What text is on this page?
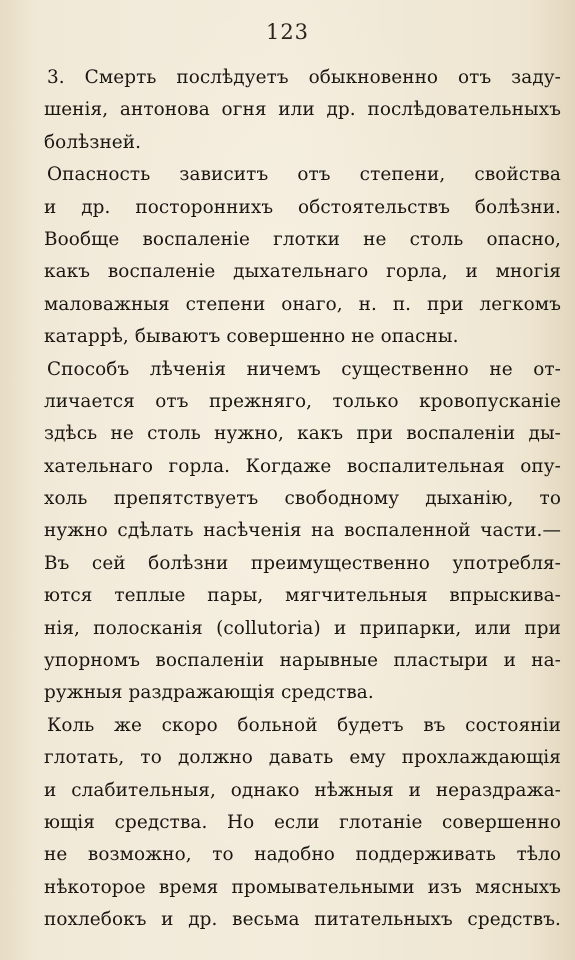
123
3. Смерть послѣдуетъ обыкновенно отъ заду-
шенія, антонова огня или др. послѣдовательныхъ
болѣзней.
Опасность зависитъ отъ степени, свойства
и др. постороннихъ обстоятельствъ болѣзни.
Вообще воспаленіе глотки не столь опасно,
какъ воспаленіе дыхательнаго горла, и многія
маловажныя степени онаго, н. п. при легкомъ
катаррѣ, бываютъ совершенно не опасны.
Способъ лѣченія ничемъ существенно не от-
личается отъ прежняго, только кровопусканіе
здѣсь не столь нужно, какъ при воспаленіи ды-
хательнаго горла. Когдаже воспалительная опу-
холь препятствуетъ свободному дыханію, то
нужно сдѣлать насѣченія на воспаленной части.—
Въ сей болѣзни преимущественно употребля-
ются теплые пары, мягчительныя впрыскива-
нія, полосканія (collutoria) и припарки, или при
упорномъ воспаленіи нарывные пластыри и на-
ружныя раздражающія средства.
Коль же скоро больной будетъ въ состояніи
глотать, то должно давать ему прохлаждающія
и слабительныя, однако нѣжныя и нераздража-
ющія средства. Но если глотаніе совершенно
не возможно, то надобно поддерживать тѣло
нѣкоторое время промывательными изъ мясныхъ
похлебокъ и др. весьма питательныхъ средствъ.
